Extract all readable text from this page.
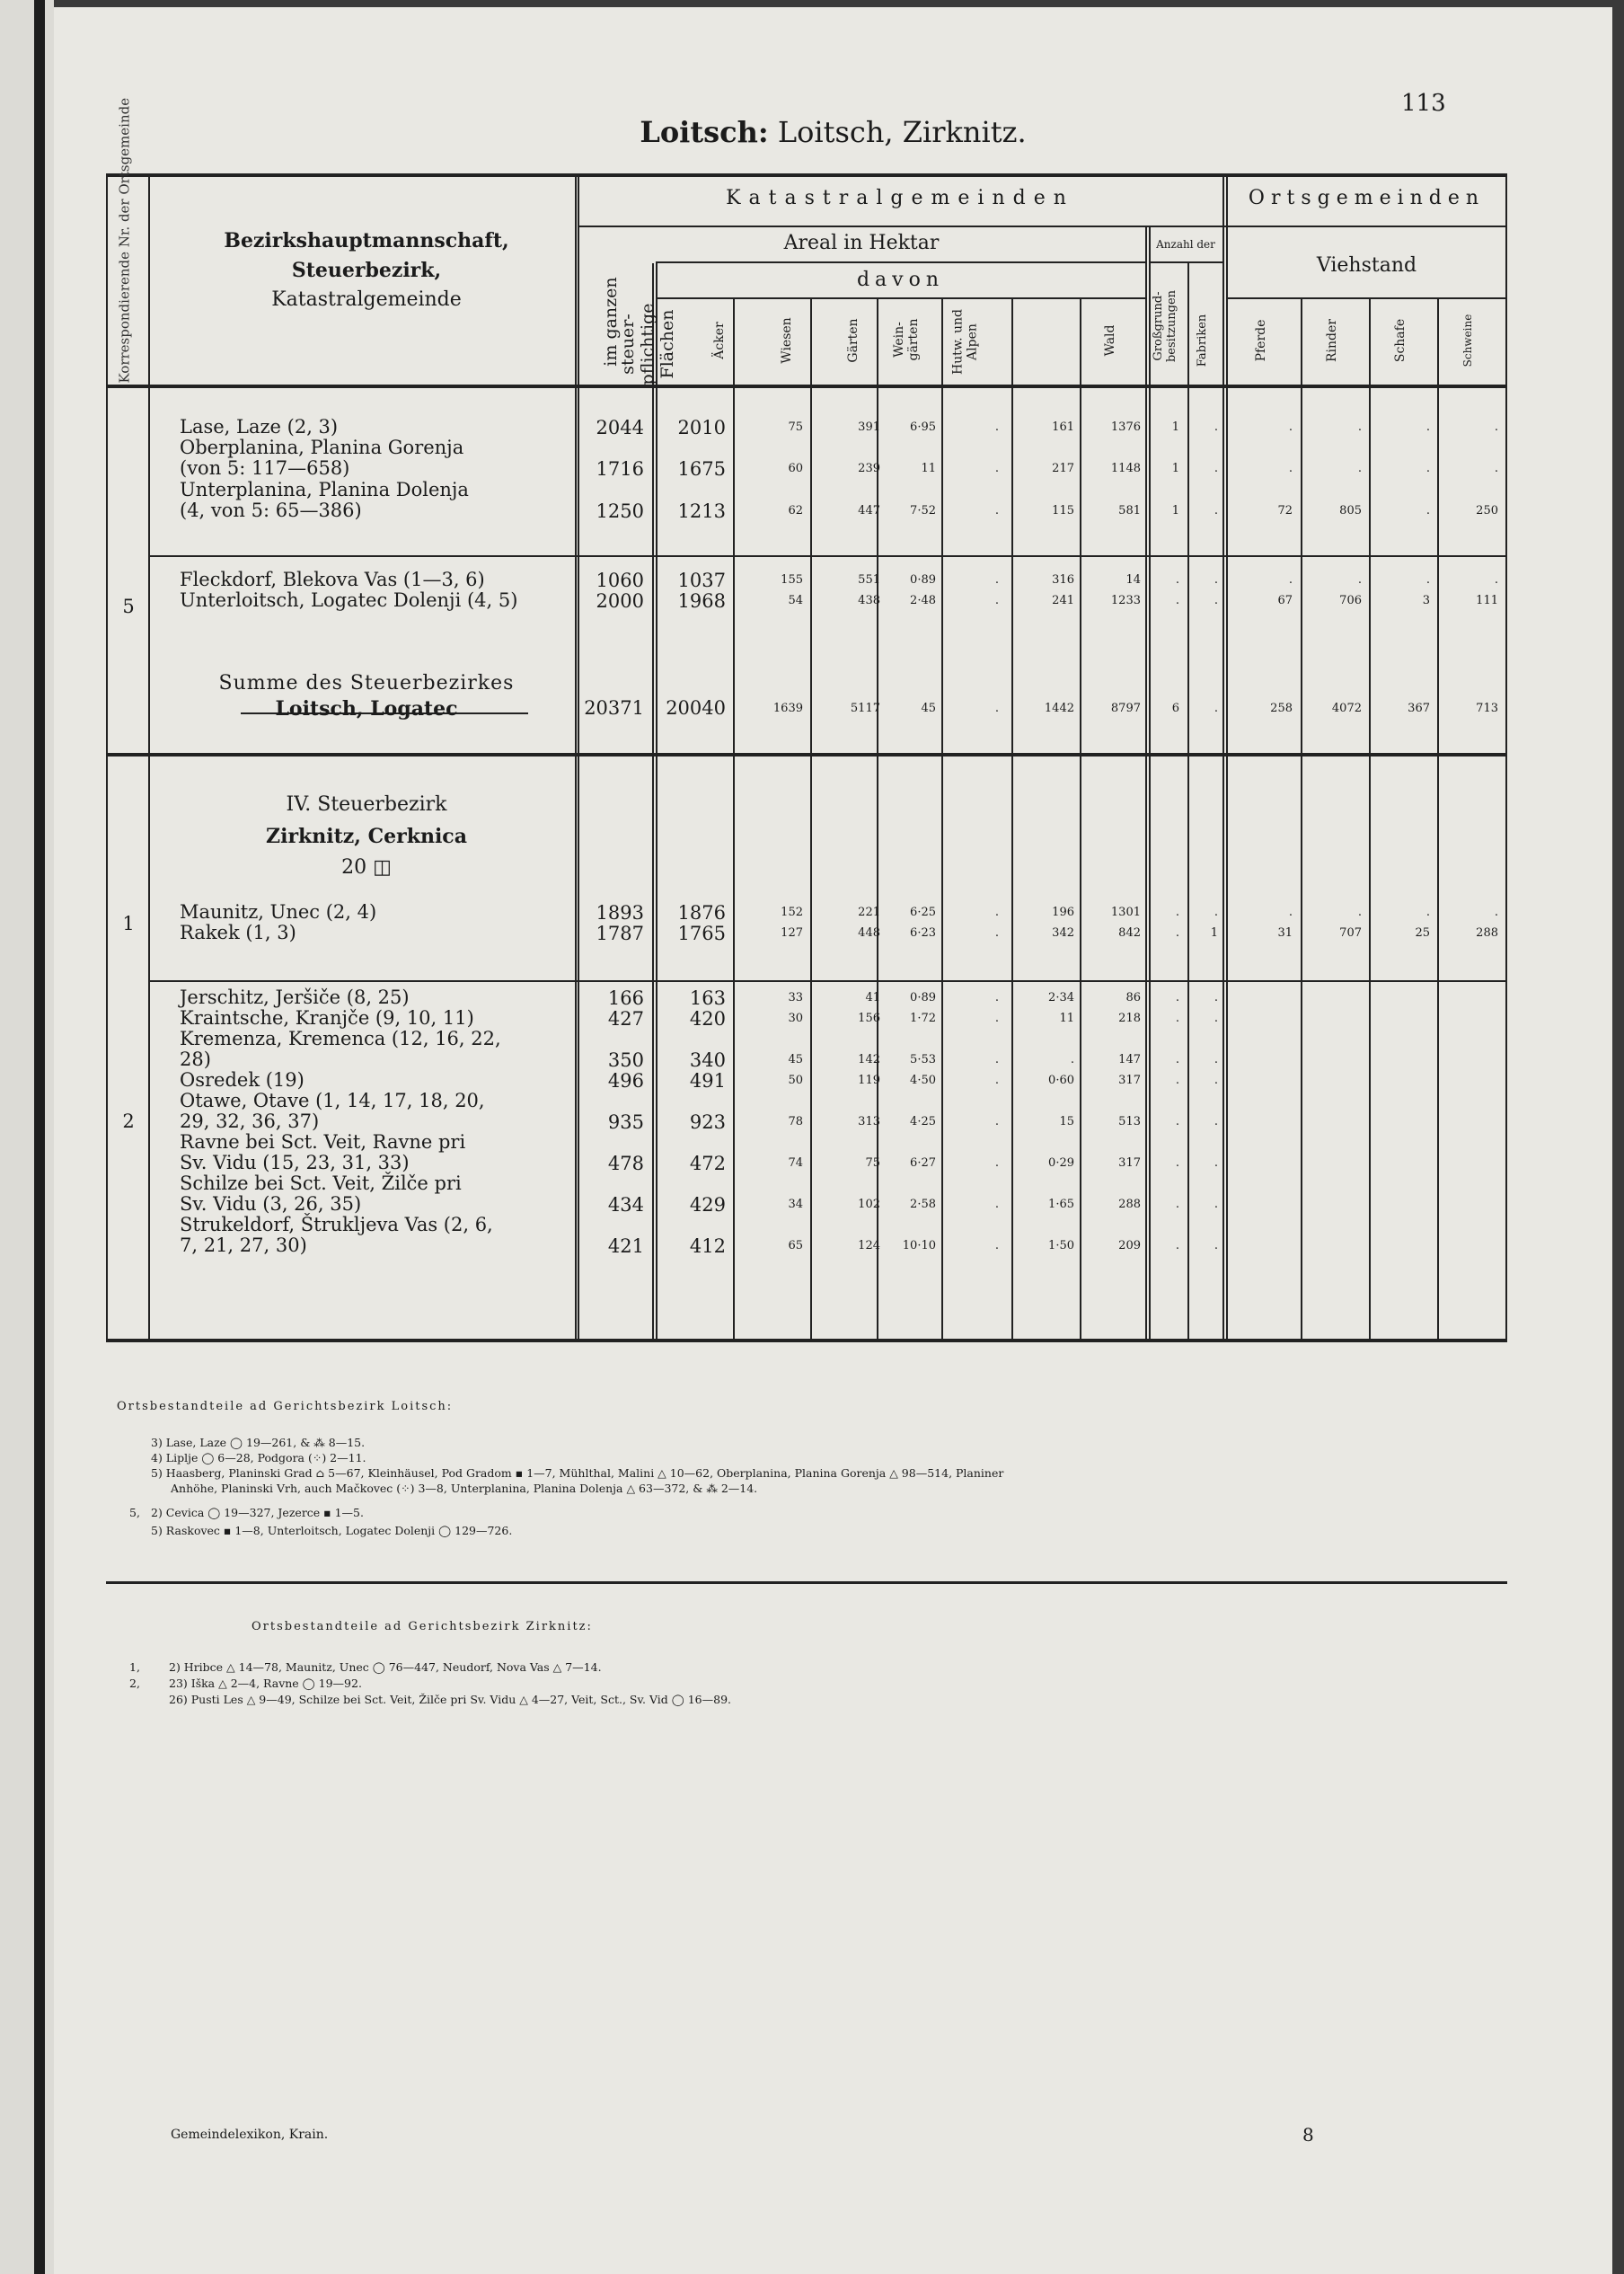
113
Loitsch: Loitsch, Zirknitz.
Korrespondierende Nr. der Ortsgemeinde	Bezirkshauptmannschaft,
Steuerbezirk,
Katastralgemeinde
Katastralgemeinden	Ortsgemeinden
Areal in Hektar	Anzahl der
davon
Viehstand
im ganzen
steuer-pflichtige Flächen	Äcker	Wiesen	Gärten	Wein-gärten	Hutw. und Alpen	Wald	Großgrund-besitzungen	Fabriken	Pferde	Rinder	Schafe	Schweine
Lase, Laze (2, 3)	2044	2010	75	391	6·95	.	161	1376	1	.	.	.	.	.
Oberplanina, Planina Gorenja
(von 5: 117—658)	1716	1675	60	239	11	.	217	1148	1	.	.	.	.	.
Unterplanina, Planina Dolenja
(4, von 5: 65—386)	1250	1213	62	447	7·52	.	115	581	1	.	72	805	.	250
Fleckdorf, Blekova Vas (1—3, 6)	1060	1037	155	551	0·89	.	316	14	.	.	.	.	.	.
Unterloitsch, Logatec Dolenji (4, 5)	2000	1968	54	438	2·48	.	241	1233	.	.	67	706	3	111
5
Summe des Steuerbezirkes
Loitsch, Logatec	20371	20040	1639	5117	45	.	1442	8797	6	.	258	4072	367	713
IV. Steuerbezirk
Zirknitz, Cerknica
20 ◫
Maunitz, Unec (2, 4)	1893	1876	152	221	6·25	.	196	1301	.	.	.	.	.	.
Rakek (1, 3)	1787	1765	127	448	6·23	.	342	842	.	1	31	707	25	288
1
Jerschitz, Jeršiče (8, 25)	166	163	33	41	0·89	.	2·34	86	.	.
Kraintsche, Kranjče (9, 10, 11)	427	420	30	156	1·72	.	11	218	.	.
Kremenza, Kremenca (12, 16, 22,
28)	350	340	45	142	5·53	.	.	147	.	.
Osredek (19)	496	491	50	119	4·50	.	0·60	317	.	.
Otawe, Otave (1, 14, 17, 18, 20,
29, 32, 36, 37)	935	923	78	313	4·25	.	15	513	.	.
Ravne bei Sct. Veit, Ravne pri
Sv. Vidu (15, 23, 31, 33)	478	472	74	75	6·27	.	0·29	317	.	.
Schilze bei Sct. Veit, Žilče pri
Sv. Vidu (3, 26, 35)	434	429	34	102	2·58	.	1·65	288	.	.
Strukeldorf, Štrukljeva Vas (2, 6,
7, 21, 27, 30)	421	412	65	124	10·10	.	1·50	209	.	.
2
Ortsbestandteile ad Gerichtsbezirk Loitsch:
3) Lase, Laze ◯ 19—261, & ⁂ 8—15.
4) Liplje ◯ 6—28, Podgora (⁘) 2—11.
5) Haasberg, Planinski Grad ⌂ 5—67, Kleinhäusel, Pod Gradom ▪ 1—7, Mühlthal, Malini △ 10—62, Oberplanina, Planina Gorenja △ 98—514, Planiner
Anhöhe, Planinski Vrh, auch Mačkovec (⁘) 3—8, Unterplanina, Planina Dolenja △ 63—372, & ⁂ 2—14.
2) Cevica ◯ 19—327, Jezerce ▪ 1—5.
5) Raskovec ▪ 1—8, Unterloitsch, Logatec Dolenji ◯ 129—726.
5,
Ortsbestandteile ad Gerichtsbezirk Zirknitz:
1,
2,
2) Hribce △ 14—78, Maunitz, Unec ◯ 76—447, Neudorf, Nova Vas △ 7—14.
23) Iška △ 2—4, Ravne ◯ 19—92.
26) Pusti Les △ 9—49, Schilze bei Sct. Veit, Žilče pri Sv. Vidu △ 4—27, Veit, Sct., Sv. Vid ◯ 16—89.
Gemeindelexikon, Krain.	8
